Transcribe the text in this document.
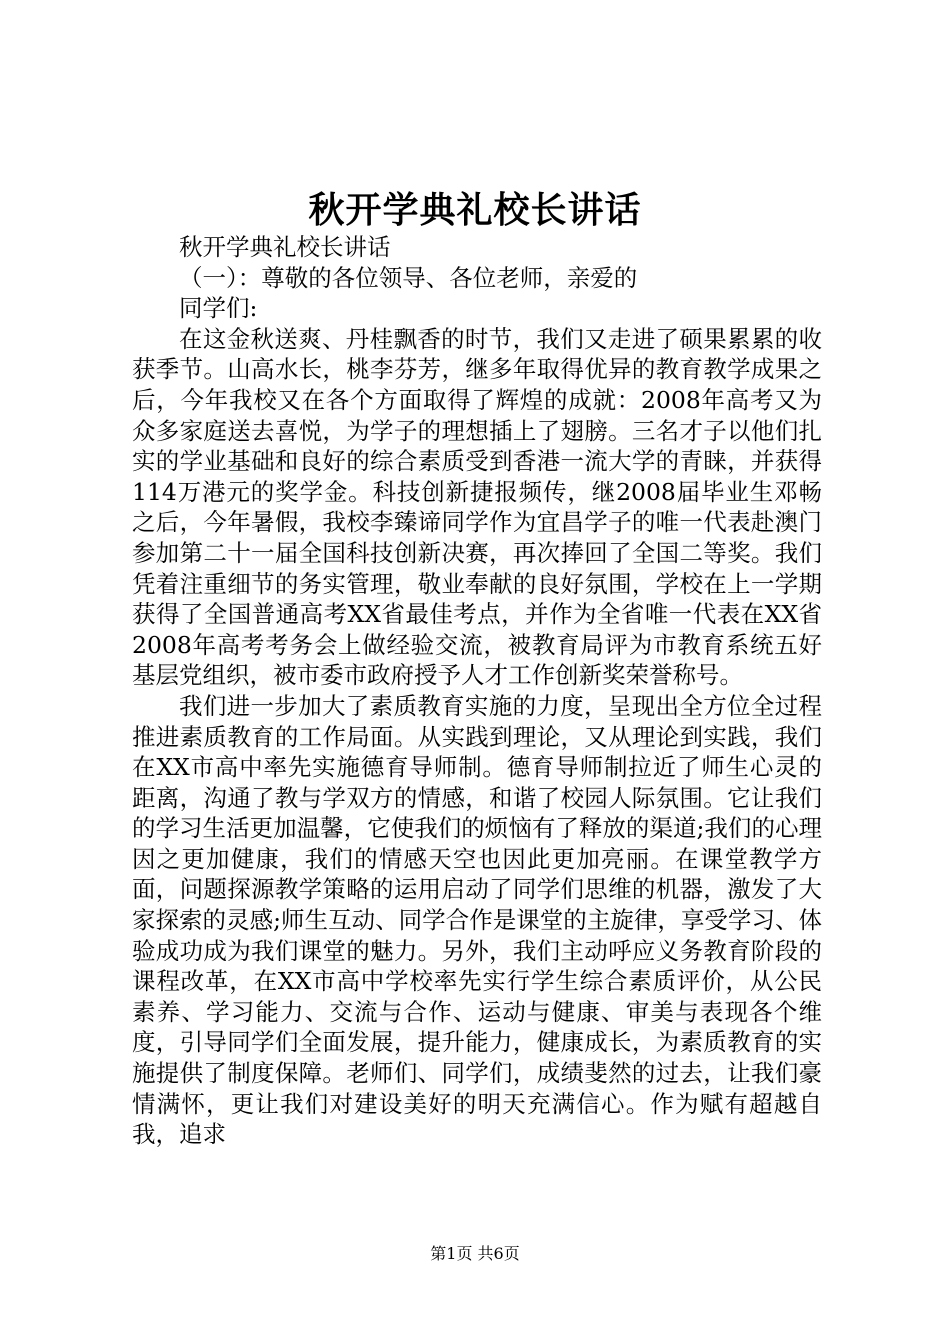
秋开学典礼校长讲话

秋开学典礼校长讲话

（一）：尊敬的各位领导、各位老师，亲爱的

同学们:

在这金秋送爽、丹桂飘香的时节，我们又走进了硕果累累的收获季节。山高水长，桃李芬芳，继多年取得优异的教育教学成果之后，今年我校又在各个方面取得了辉煌的成就：2008年高考又为众多家庭送去喜悦，为学子的理想插上了翅膀。三名才子以他们扎实的学业基础和良好的综合素质受到香港一流大学的青睐，并获得114万港元的奖学金。科技创新捷报频传，继2008届毕业生邓畅之后，今年暑假，我校李臻谛同学作为宜昌学子的唯一代表赴澳门参加第二十一届全国科技创新决赛，再次捧回了全国二等奖。我们凭着注重细节的务实管理，敬业奉献的良好氛围，学校在上一学期获得了全国普通高考XX省最佳考点，并作为全省唯一代表在XX省2008年高考考务会上做经验交流，被教育局评为市教育系统五好基层党组织，被市委市政府授予人才工作创新奖荣誉称号。

我们进一步加大了素质教育实施的力度，呈现出全方位全过程推进素质教育的工作局面。从实践到理论，又从理论到实践，我们在XX市高中率先实施德育导师制。德育导师制拉近了师生心灵的距离，沟通了教与学双方的情感，和谐了校园人际氛围。它让我们的学习生活更加温馨，它使我们的烦恼有了释放的渠道;我们的心理因之更加健康，我们的情感天空也因此更加亮丽。在课堂教学方面，问题探源教学策略的运用启动了同学们思维的机器，激发了大家探索的灵感;师生互动、同学合作是课堂的主旋律，享受学习、体验成功成为我们课堂的魅力。另外，我们主动呼应义务教育阶段的课程改革，在XX市高中学校率先实行学生综合素质评价，从公民素养、学习能力、交流与合作、运动与健康、审美与表现各个维度，引导同学们全面发展，提升能力，健康成长，为素质教育的实施提供了制度保障。老师们、同学们，成绩斐然的过去，让我们豪情满怀，更让我们对建设美好的明天充满信心。作为赋有超越自我，追求

第1页 共6页
